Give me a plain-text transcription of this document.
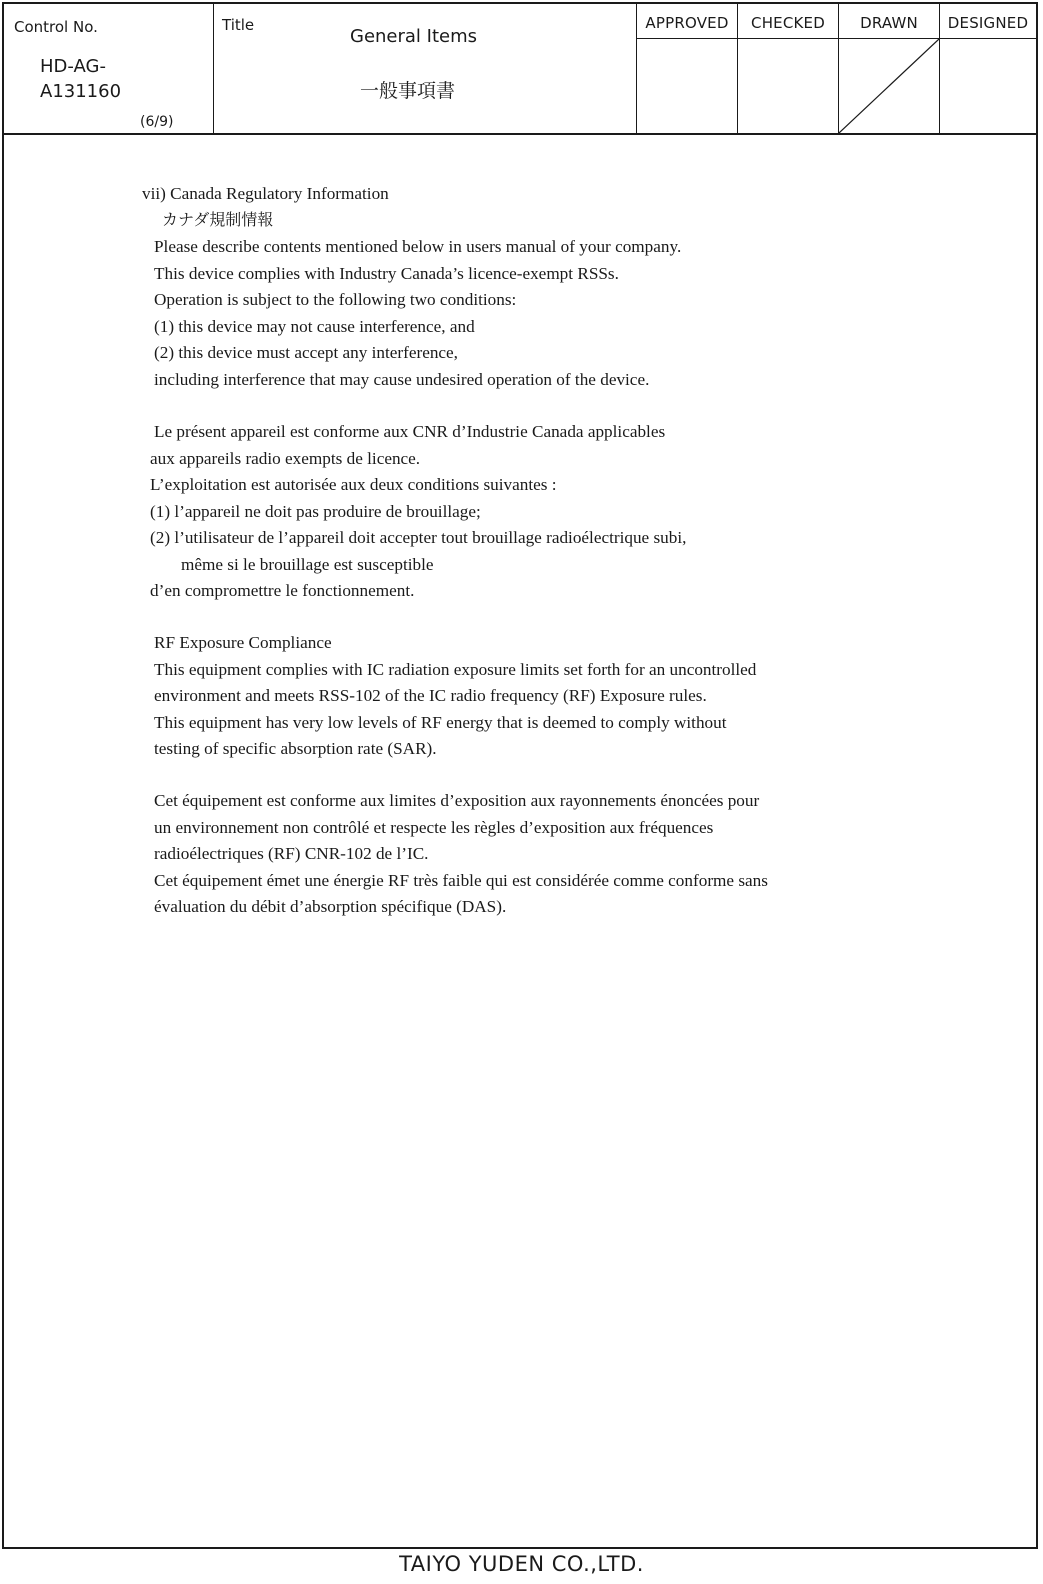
Control No.
HD-AG-
A131160
(6/9)
Title
General Items
一般事項書
APPROVED	CHECKED	DRAWN	DESIGNED
vii) Canada Regulatory Information
カナダ規制情報
Please describe contents mentioned below in users manual of your company.
This device complies with Industry Canada’s licence-exempt RSSs.
Operation is subject to the following two conditions:
(1) this device may not cause interference, and
(2) this device must accept any interference,
including interference that may cause undesired operation of the device.
Le présent appareil est conforme aux CNR d’Industrie Canada applicables
aux appareils radio exempts de licence.
L’exploitation est autorisée aux deux conditions suivantes :
(1) l’appareil ne doit pas produire de brouillage;
(2) l’utilisateur de l’appareil doit accepter tout brouillage radioélectrique subi,
même si le brouillage est susceptible
d’en compromettre le fonctionnement.
RF Exposure Compliance
This equipment complies with IC radiation exposure limits set forth for an uncontrolled
environment and meets RSS-102 of the IC radio frequency (RF) Exposure rules.
This equipment has very low levels of RF energy that is deemed to comply without
testing of specific absorption rate (SAR).
Cet équipement est conforme aux limites d’exposition aux rayonnements énoncées pour
un environnement non contrôlé et respecte les règles d’exposition aux fréquences
radioélectriques (RF) CNR-102 de l’IC.
Cet équipement émet une énergie RF très faible qui est considérée comme conforme sans
évaluation du débit d’absorption spécifique (DAS).
TAIYO YUDEN CO.,LTD.
